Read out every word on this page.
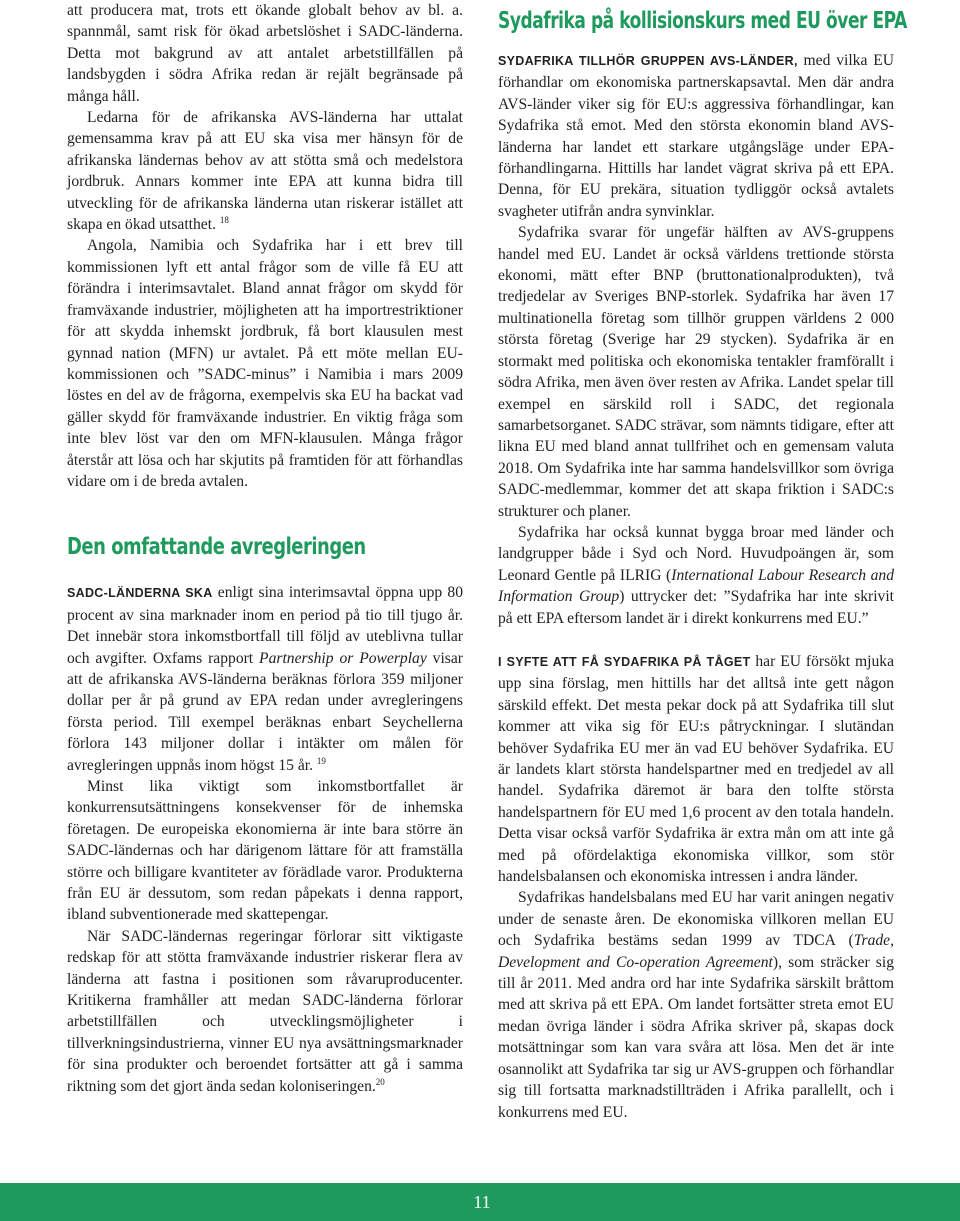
att producera mat, trots ett ökande globalt behov av bl. a. spannmål, samt risk för ökad arbetslöshet i SADC-länderna. Detta mot bakgrund av att antalet arbetstillfällen på landsbygden i södra Afrika redan är rejält begränsade på många håll.

Ledarna för de afrikanska AVS-länderna har uttalat gemensamma krav på att EU ska visa mer hänsyn för de afrikanska ländernas behov av att stötta små och medelstora jordbruk. Annars kommer inte EPA att kunna bidra till utveckling för de afrikanska länderna utan riskerar istället att skapa en ökad utsatthet. $^{18}$

Angola, Namibia och Sydafrika har i ett brev till kommissionen lyft ett antal frågor som de ville få EU att förändra i interimsavtalet. Bland annat frågor om skydd för framväxande industrier, möjligheten att ha importrestriktioner för att skydda inhemskt jordbruk, få bort klausulen mest gynnad nation (MFN) ur avtalet. På ett möte mellan EU-kommissionen och ”SADC-minus” i Namibia i mars 2009 löstes en del av de frågorna, exempelvis ska EU ha backat vad gäller skydd för framväxande industrier. En viktig fråga som inte blev löst var den om MFN-klausulen. Många frågor återstår att lösa och har skjutits på framtiden för att förhandlas vidare om i de breda avtalen.

Den omfattande avregleringen

SADC-LÄNDERNA SKA enligt sina interimsavtal öppna upp 80 procent av sina marknader inom en period på tio till tjugo år. Det innebär stora inkomstbortfall till följd av uteblivna tullar och avgifter. Oxfams rapport Partnership or Powerplay visar att de afrikanska AVS-länderna beräknas förlora 359 miljoner dollar per år på grund av EPA redan under avregleringens första period. Till exempel beräknas enbart Seychellerna förlora 143 miljoner dollar i intäkter om målen för avregleringen uppnås inom högst 15 år. $^{19}$

Minst lika viktigt som inkomstbortfallet är konkurrensutsättningens konsekvenser för de inhemska företagen. De europeiska ekonomierna är inte bara större än SADC-ländernas och har därigenom lättare för att framställa större och billigare kvantiteter av förädlade varor. Produkterna från EU är dessutom, som redan påpekats i denna rapport, ibland subventionerade med skattepengar.

När SADC-ländernas regeringar förlorar sitt viktigaste redskap för att stötta framväxande industrier riskerar flera av länderna att fastna i positionen som råvaruproducenter. Kritikerna framhåller att medan SADC-länderna förlorar arbetstillfällen och utvecklingsmöjligheter i tillverkningsindustrierna, vinner EU nya avsättningsmarknader för sina produkter och beroendet fortsätter att gå i samma riktning som det gjort ända sedan koloniseringen.$^{20}$

Sydafrika på kollisionskurs med EU över EPA

SYDAFRIKA TILLHÖR GRUPPEN AVS-LÄNDER, med vilka EU förhandlar om ekonomiska partnerskapsavtal. Men där andra AVS-länder viker sig för EU:s aggressiva förhandlingar, kan Sydafrika stå emot. Med den största ekonomin bland AVS-länderna har landet ett starkare utgångsläge under EPA-förhandlingarna. Hittills har landet vägrat skriva på ett EPA. Denna, för EU prekära, situation tydliggör också avtalets svagheter utifrån andra synvinklar.

Sydafrika svarar för ungefär hälften av AVS-gruppens handel med EU. Landet är också världens trettionde största ekonomi, mätt efter BNP (bruttonationalprodukten), två tredjedelar av Sveriges BNP-storlek. Sydafrika har även 17 multinationella företag som tillhör gruppen världens 2 000 största företag (Sverige har 29 stycken). Sydafrika är en stormakt med politiska och ekonomiska tentakler framförallt i södra Afrika, men även över resten av Afrika. Landet spelar till exempel en särskild roll i SADC, det regionala samarbetsorganet. SADC strävar, som nämnts tidigare, efter att likna EU med bland annat tullfrihet och en gemensam valuta 2018. Om Sydafrika inte har samma handelsvillkor som övriga SADC-medlemmar, kommer det att skapa friktion i SADC:s strukturer och planer.

Sydafrika har också kunnat bygga broar med länder och landgrupper både i Syd och Nord. Huvudpoängen är, som Leonard Gentle på ILRIG (International Labour Research and Information Group) uttrycker det: ”Sydafrika har inte skrivit på ett EPA eftersom landet är i direkt konkurrens med EU.”

I SYFTE ATT FÅ SYDAFRIKA PÅ TÅGET har EU försökt mjuka upp sina förslag, men hittills har det alltså inte gett någon särskild effekt. Det mesta pekar dock på att Sydafrika till slut kommer att vika sig för EU:s påtryckningar. I slutändan behöver Sydafrika EU mer än vad EU behöver Sydafrika. EU är landets klart största handelspartner med en tredjedel av all handel. Sydafrika däremot är bara den tolfte största handelspartnern för EU med 1,6 procent av den totala handeln. Detta visar också varför Sydafrika är extra mån om att inte gå med på ofördelaktiga ekonomiska villkor, som stör handelsbalansen och ekonomiska intressen i andra länder.

Sydafrikas handelsbalans med EU har varit aningen negativ under de senaste åren. De ekonomiska villkoren mellan EU och Sydafrika bestäms sedan 1999 av TDCA (Trade, Development and Co-operation Agreement), som sträcker sig till år 2011. Med andra ord har inte Sydafrika särskilt bråttom med att skriva på ett EPA. Om landet fortsätter streta emot EU medan övriga länder i södra Afrika skriver på, skapas dock motsättningar som kan vara svåra att lösa. Men det är inte osannolikt att Sydafrika tar sig ur AVS-gruppen och förhandlar sig till fortsatta marknadstillträden i Afrika parallellt, och i konkurrens med EU.

11
